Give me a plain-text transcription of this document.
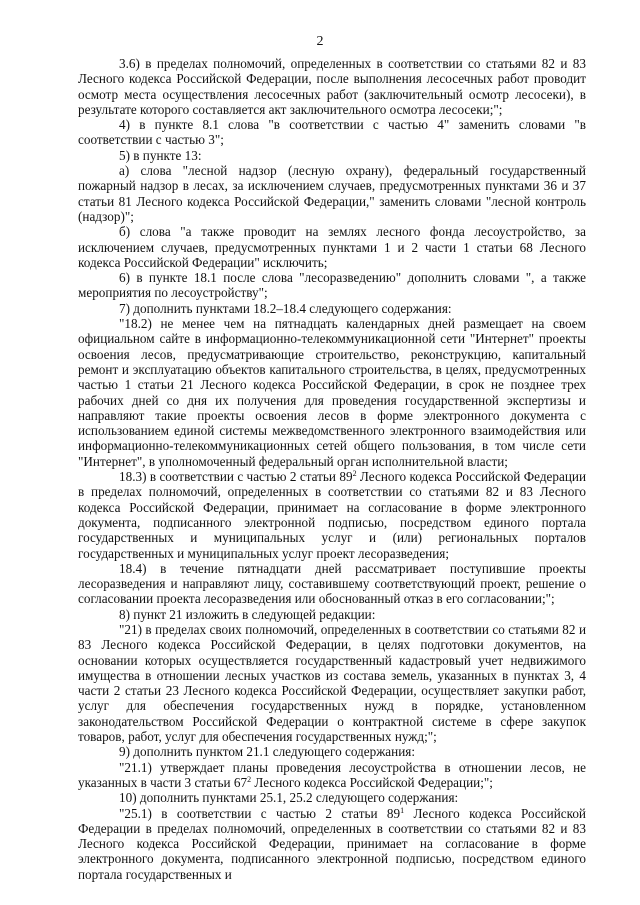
2

3.6) в пределах полномочий, определенных в соответствии со статьями 82 и 83 Лесного кодекса Российской Федерации, после выполнения лесосечных работ проводит осмотр места осуществления лесосечных работ (заключительный осмотр лесосеки), в результате которого составляется акт заключительного осмотра лесосеки;";

4) в пункте 8.1 слова "в соответствии с частью 4" заменить словами "в соответствии с частью 3";

5) в пункте 13:

а) слова "лесной надзор (лесную охрану), федеральный государственный пожарный надзор в лесах, за исключением случаев, предусмотренных пунктами 36 и 37 статьи 81 Лесного кодекса Российской Федерации," заменить словами "лесной контроль (надзор)";

б) слова "а также проводит на землях лесного фонда лесоустройство, за исключением случаев, предусмотренных пунктами 1 и 2 части 1 статьи 68 Лесного кодекса Российской Федерации" исключить;

6) в пункте 18.1 после слова "лесоразведению" дополнить словами ", а также мероприятия по лесоустройству";

7) дополнить пунктами 18.2–18.4 следующего содержания:

"18.2) не менее чем на пятнадцать календарных дней размещает на своем официальном сайте в информационно-телекоммуникационной сети "Интернет" проекты освоения лесов, предусматривающие строительство, реконструкцию, капитальный ремонт и эксплуатацию объектов капитального строительства, в целях, предусмотренных частью 1 статьи 21 Лесного кодекса Российской Федерации, в срок не позднее трех рабочих дней со дня их получения для проведения государственной экспертизы и направляют такие проекты освоения лесов в форме электронного документа с использованием единой системы межведомственного электронного взаимодействия или информационно-телекоммуникационных сетей общего пользования, в том числе сети "Интернет", в уполномоченный федеральный орган исполнительной власти;

18.3) в соответствии с частью 2 статьи $89^2$ Лесного кодекса Российской Федерации в пределах полномочий, определенных в соответствии со статьями 82 и 83 Лесного кодекса Российской Федерации, принимает на согласование в форме электронного документа, подписанного электронной подписью, посредством единого портала государственных и муниципальных услуг и (или) региональных порталов государственных и муниципальных услуг проект лесоразведения;

18.4) в течение пятнадцати дней рассматривает поступившие проекты лесоразведения и направляют лицу, составившему соответствующий проект, решение о согласовании проекта лесоразведения или обоснованный отказ в его согласовании;";

8) пункт 21 изложить в следующей редакции:

"21) в пределах своих полномочий, определенных в соответствии со статьями 82 и 83 Лесного кодекса Российской Федерации, в целях подготовки документов, на основании которых осуществляется государственный кадастровый учет недвижимого имущества в отношении лесных участков из состава земель, указанных в пунктах 3, 4 части 2 статьи 23 Лесного кодекса Российской Федерации, осуществляет закупки работ, услуг для обеспечения государственных нужд в порядке, установленном законодательством Российской Федерации о контрактной системе в сфере закупок товаров, работ, услуг для обеспечения государственных нужд;";

9) дополнить пунктом 21.1 следующего содержания:

"21.1) утверждает планы проведения лесоустройства в отношении лесов, не указанных в части 3 статьи $67^2$ Лесного кодекса Российской Федерации;";

10) дополнить пунктами 25.1, 25.2 следующего содержания:

"25.1) в соответствии с частью 2 статьи $89^1$ Лесного кодекса Российской Федерации в пределах полномочий, определенных в соответствии со статьями 82 и 83 Лесного кодекса Российской Федерации, принимает на согласование в форме электронного документа, подписанного электронной подписью, посредством единого портала государственных и
